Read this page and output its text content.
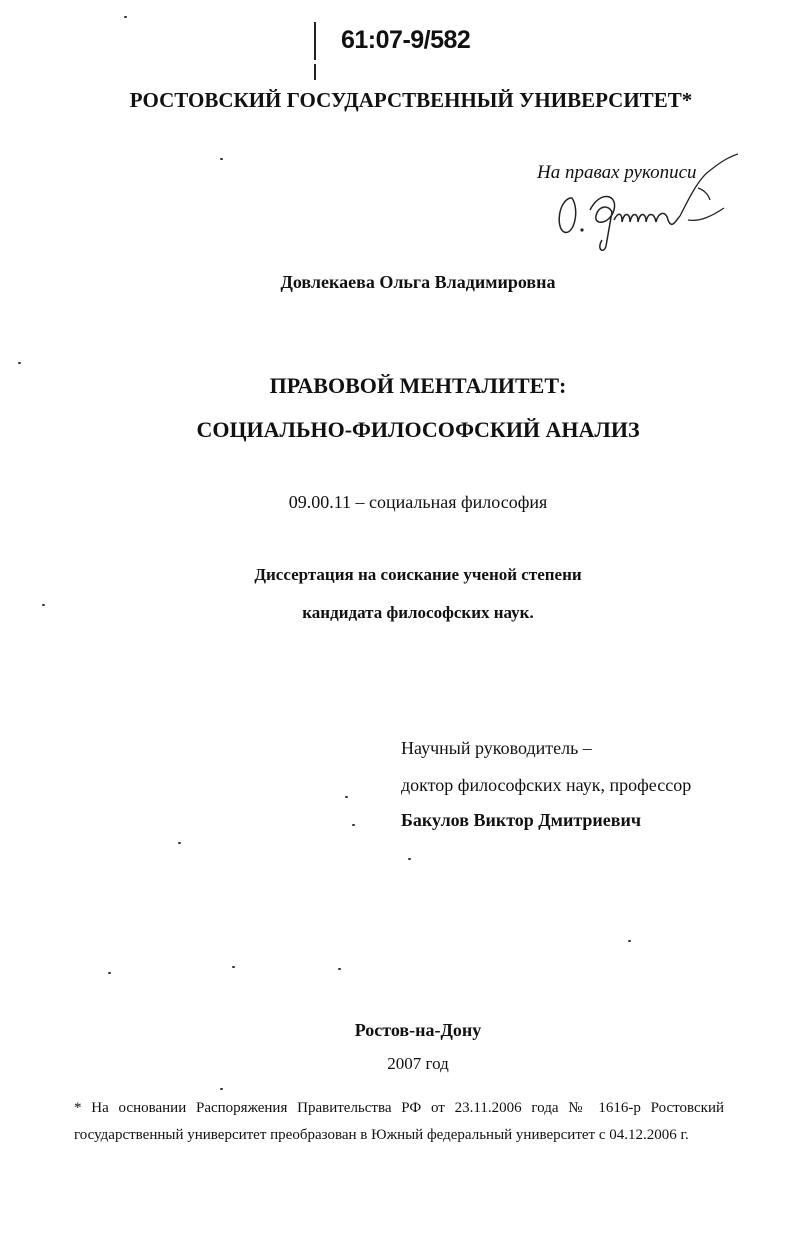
61:07-9/582
РОСТОВСКИЙ ГОСУДАРСТВЕННЫЙ УНИВЕРСИТЕТ*
На правах рукописи
Довлекаева Ольга Владимировна
ПРАВОВОЙ МЕНТАЛИТЕТ:
СОЦИАЛЬНО-ФИЛОСОФСКИЙ АНАЛИЗ
09.00.11 – социальная философия
Диссертация на соискание ученой степени
кандидата философских наук.
Научный руководитель –
доктор философских наук, профессор
Бакулов Виктор Дмитриевич
Ростов-на-Дону
2007 год
* На основании Распоряжения Правительства РФ от 23.11.2006 года № 1616-р Ростовский государственный университет преобразован в Южный федеральный университет с 04.12.2006 г.
